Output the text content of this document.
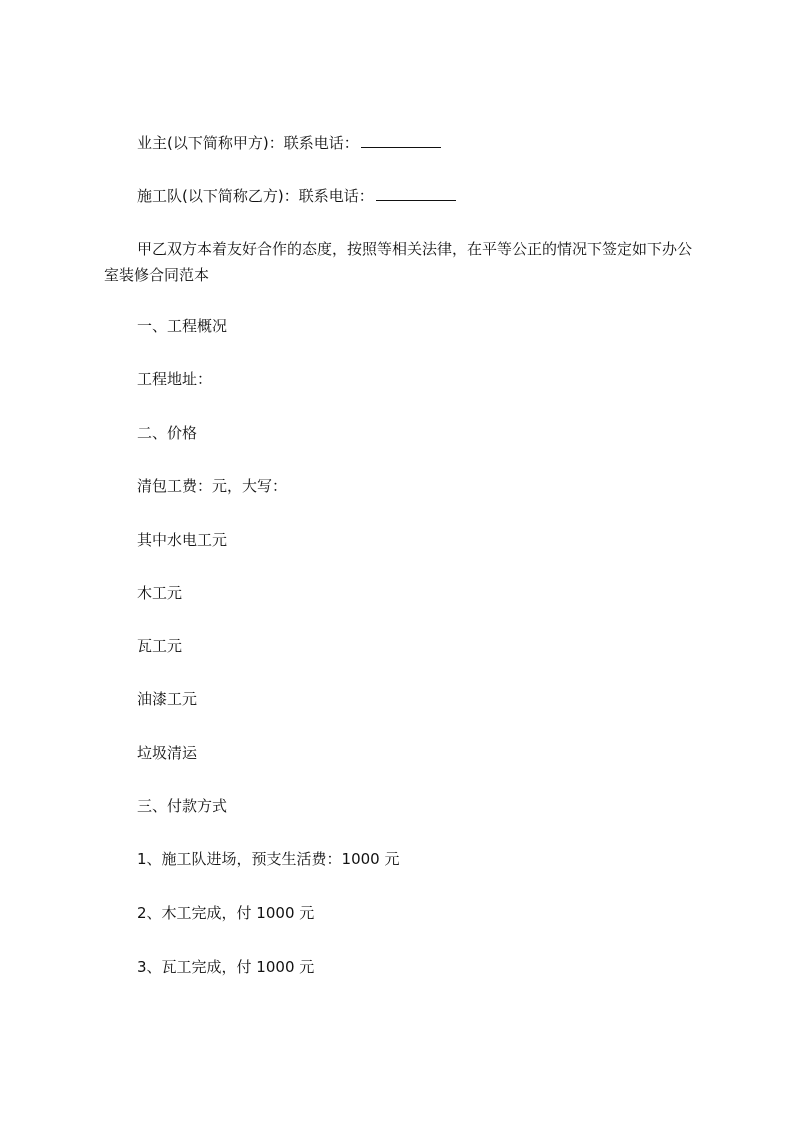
业主(以下简称甲方)：联系电话：
施工队(以下简称乙方)：联系电话：
甲乙双方本着友好合作的态度，按照等相关法律，在平等公正的情况下签定如下办公室装修合同范本
一、工程概况
工程地址：
二、价格
清包工费：元，大写：
其中水电工元
木工元
瓦工元
油漆工元
垃圾清运
三、付款方式
1、施工队进场，预支生活费：1000 元
2、木工完成，付 1000 元
3、瓦工完成，付 1000 元
